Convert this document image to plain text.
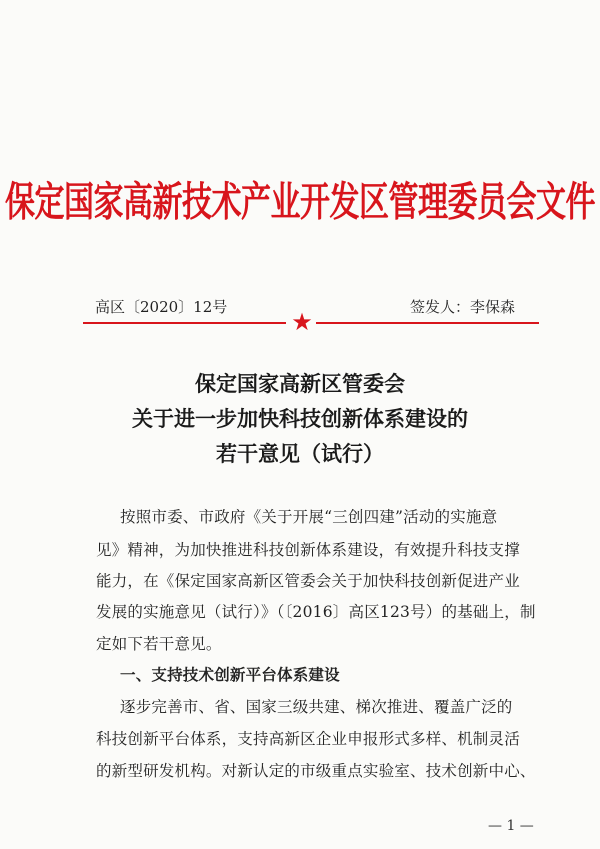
保定国家高新技术产业开发区管理委员会文件
高区〔2020〕12号	签发人：李保森
★
保定国家高新区管委会
关于进一步加快科技创新体系建设的
若干意见（试行）
按照市委、市政府《关于开展“三创四建”活动的实施意
见》精神，为加快推进科技创新体系建设，有效提升科技支撑
能力，在《保定国家高新区管委会关于加快科技创新促进产业
发展的实施意见（试行）》（〔2016〕高区123号）的基础上，制
定如下若干意见。
一、支持技术创新平台体系建设
逐步完善市、省、国家三级共建、梯次推进、覆盖广泛的
科技创新平台体系，支持高新区企业申报形式多样、机制灵活
的新型研发机构。对新认定的市级重点实验室、技术创新中心、
— 1 —
